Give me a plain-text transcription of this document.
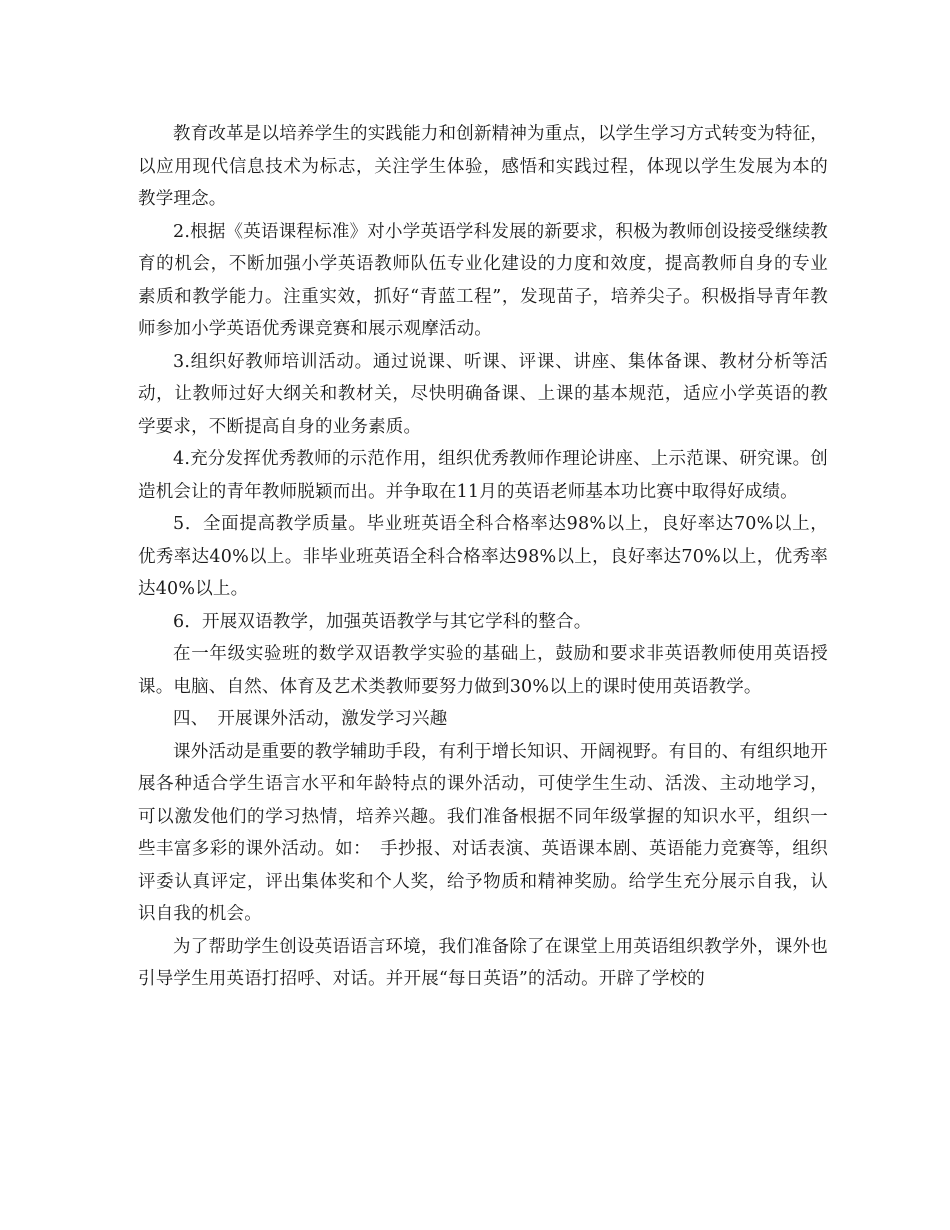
教育改革是以培养学生的实践能力和创新精神为重点，以学生学习方式转变为特征，以应用现代信息技术为标志，关注学生体验，感悟和实践过程，体现以学生发展为本的教学理念。

2.根据《英语课程标准》对小学英语学科发展的新要求，积极为教师创设接受继续教育的机会，不断加强小学英语教师队伍专业化建设的力度和效度，提高教师自身的专业素质和教学能力。注重实效，抓好“青蓝工程”，发现苗子，培养尖子。积极指导青年教师参加小学英语优秀课竞赛和展示观摩活动。

3.组织好教师培训活动。通过说课、听课、评课、讲座、集体备课、教材分析等活动，让教师过好大纲关和教材关，尽快明确备课、上课的基本规范，适应小学英语的教学要求，不断提高自身的业务素质。

4.充分发挥优秀教师的示范作用，组织优秀教师作理论讲座、上示范课、研究课。创造机会让的青年教师脱颖而出。并争取在11月的英语老师基本功比赛中取得好成绩。

5．全面提高教学质量。毕业班英语全科合格率达98%以上，良好率达70%以上，优秀率达40%以上。非毕业班英语全科合格率达98%以上，良好率达70%以上，优秀率达40%以上。

6．开展双语教学，加强英语教学与其它学科的整合。

在一年级实验班的数学双语教学实验的基础上，鼓励和要求非英语教师使用英语授课。电脑、自然、体育及艺术类教师要努力做到30%以上的课时使用英语教学。

四、　开展课外活动，激发学习兴趣

课外活动是重要的教学辅助手段，有利于增长知识、开阔视野。有目的、有组织地开展各种适合学生语言水平和年龄特点的课外活动，可使学生生动、活泼、主动地学习，可以激发他们的学习热情，培养兴趣。我们准备根据不同年级掌握的知识水平，组织一些丰富多彩的课外活动。如：　手抄报、对话表演、英语课本剧、英语能力竞赛等，组织评委认真评定，评出集体奖和个人奖，给予物质和精神奖励。给学生充分展示自我，认识自我的机会。

为了帮助学生创设英语语言环境，我们准备除了在课堂上用英语组织教学外，课外也引导学生用英语打招呼、对话。并开展“每日英语”的活动。开辟了学校的
